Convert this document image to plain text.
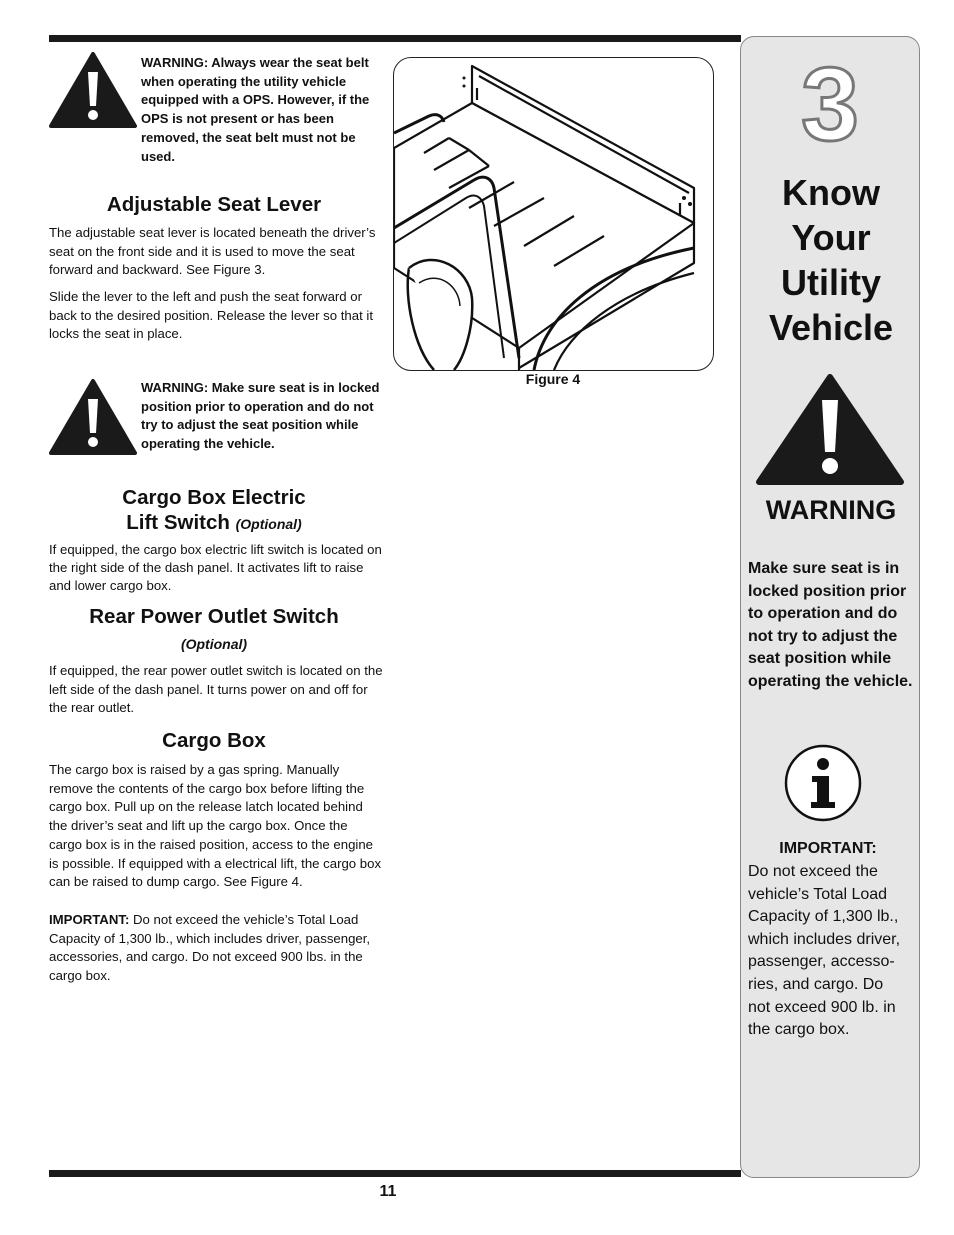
WARNING: Always wear the seat belt when operating the utility vehicle equipped with a OPS. However, if the OPS is not present or has been removed, the seat belt must not be used.
Adjustable Seat Lever

The adjustable seat lever is located beneath the driver’s seat on the front side and it is used to move the seat forward and backward. See Figure 3.

Slide the lever to the left and push the seat forward or back to the desired position. Release the lever so that it locks the seat in place.

WARNING: Make sure seat is in locked position prior to operation and do not try to adjust the seat position while operating the vehicle.
Cargo Box Electric
Lift Switch (Optional)

If equipped, the cargo box electric lift switch is located on the right side of the dash panel. It activates lift to raise and lower cargo box.

Rear Power Outlet Switch
(Optional)

If equipped, the rear power outlet switch is located on the left side of the dash panel. It turns power on and off for the rear outlet.

Cargo Box

The cargo box is raised by a gas spring. Manually remove the contents of the cargo box before lifting the cargo box. Pull up on the release latch located behind the driver’s seat and lift up the cargo box. Once the cargo box is in the raised position, access to the engine is possible. If equipped with a electrical lift, the cargo box can be raised to dump cargo. See Figure 4.

IMPORTANT: Do not exceed the vehicle’s Total Load Capacity of 1,300 lb., which includes driver, passenger, accessories, and cargo. Do not exceed 900 lbs. in the cargo box.

Figure 4
3
Know
Your
Utility
Vehicle
WARNING
Make sure seat is in locked position prior to operation and do not try to adjust the seat position while operating the vehicle.
IMPORTANT:
Do not exceed the vehicle’s Total Load Capacity of 1,300 lb., which includes driver, passenger, accesso-ries, and cargo. Do not exceed 900 lb. in the cargo box.
11
